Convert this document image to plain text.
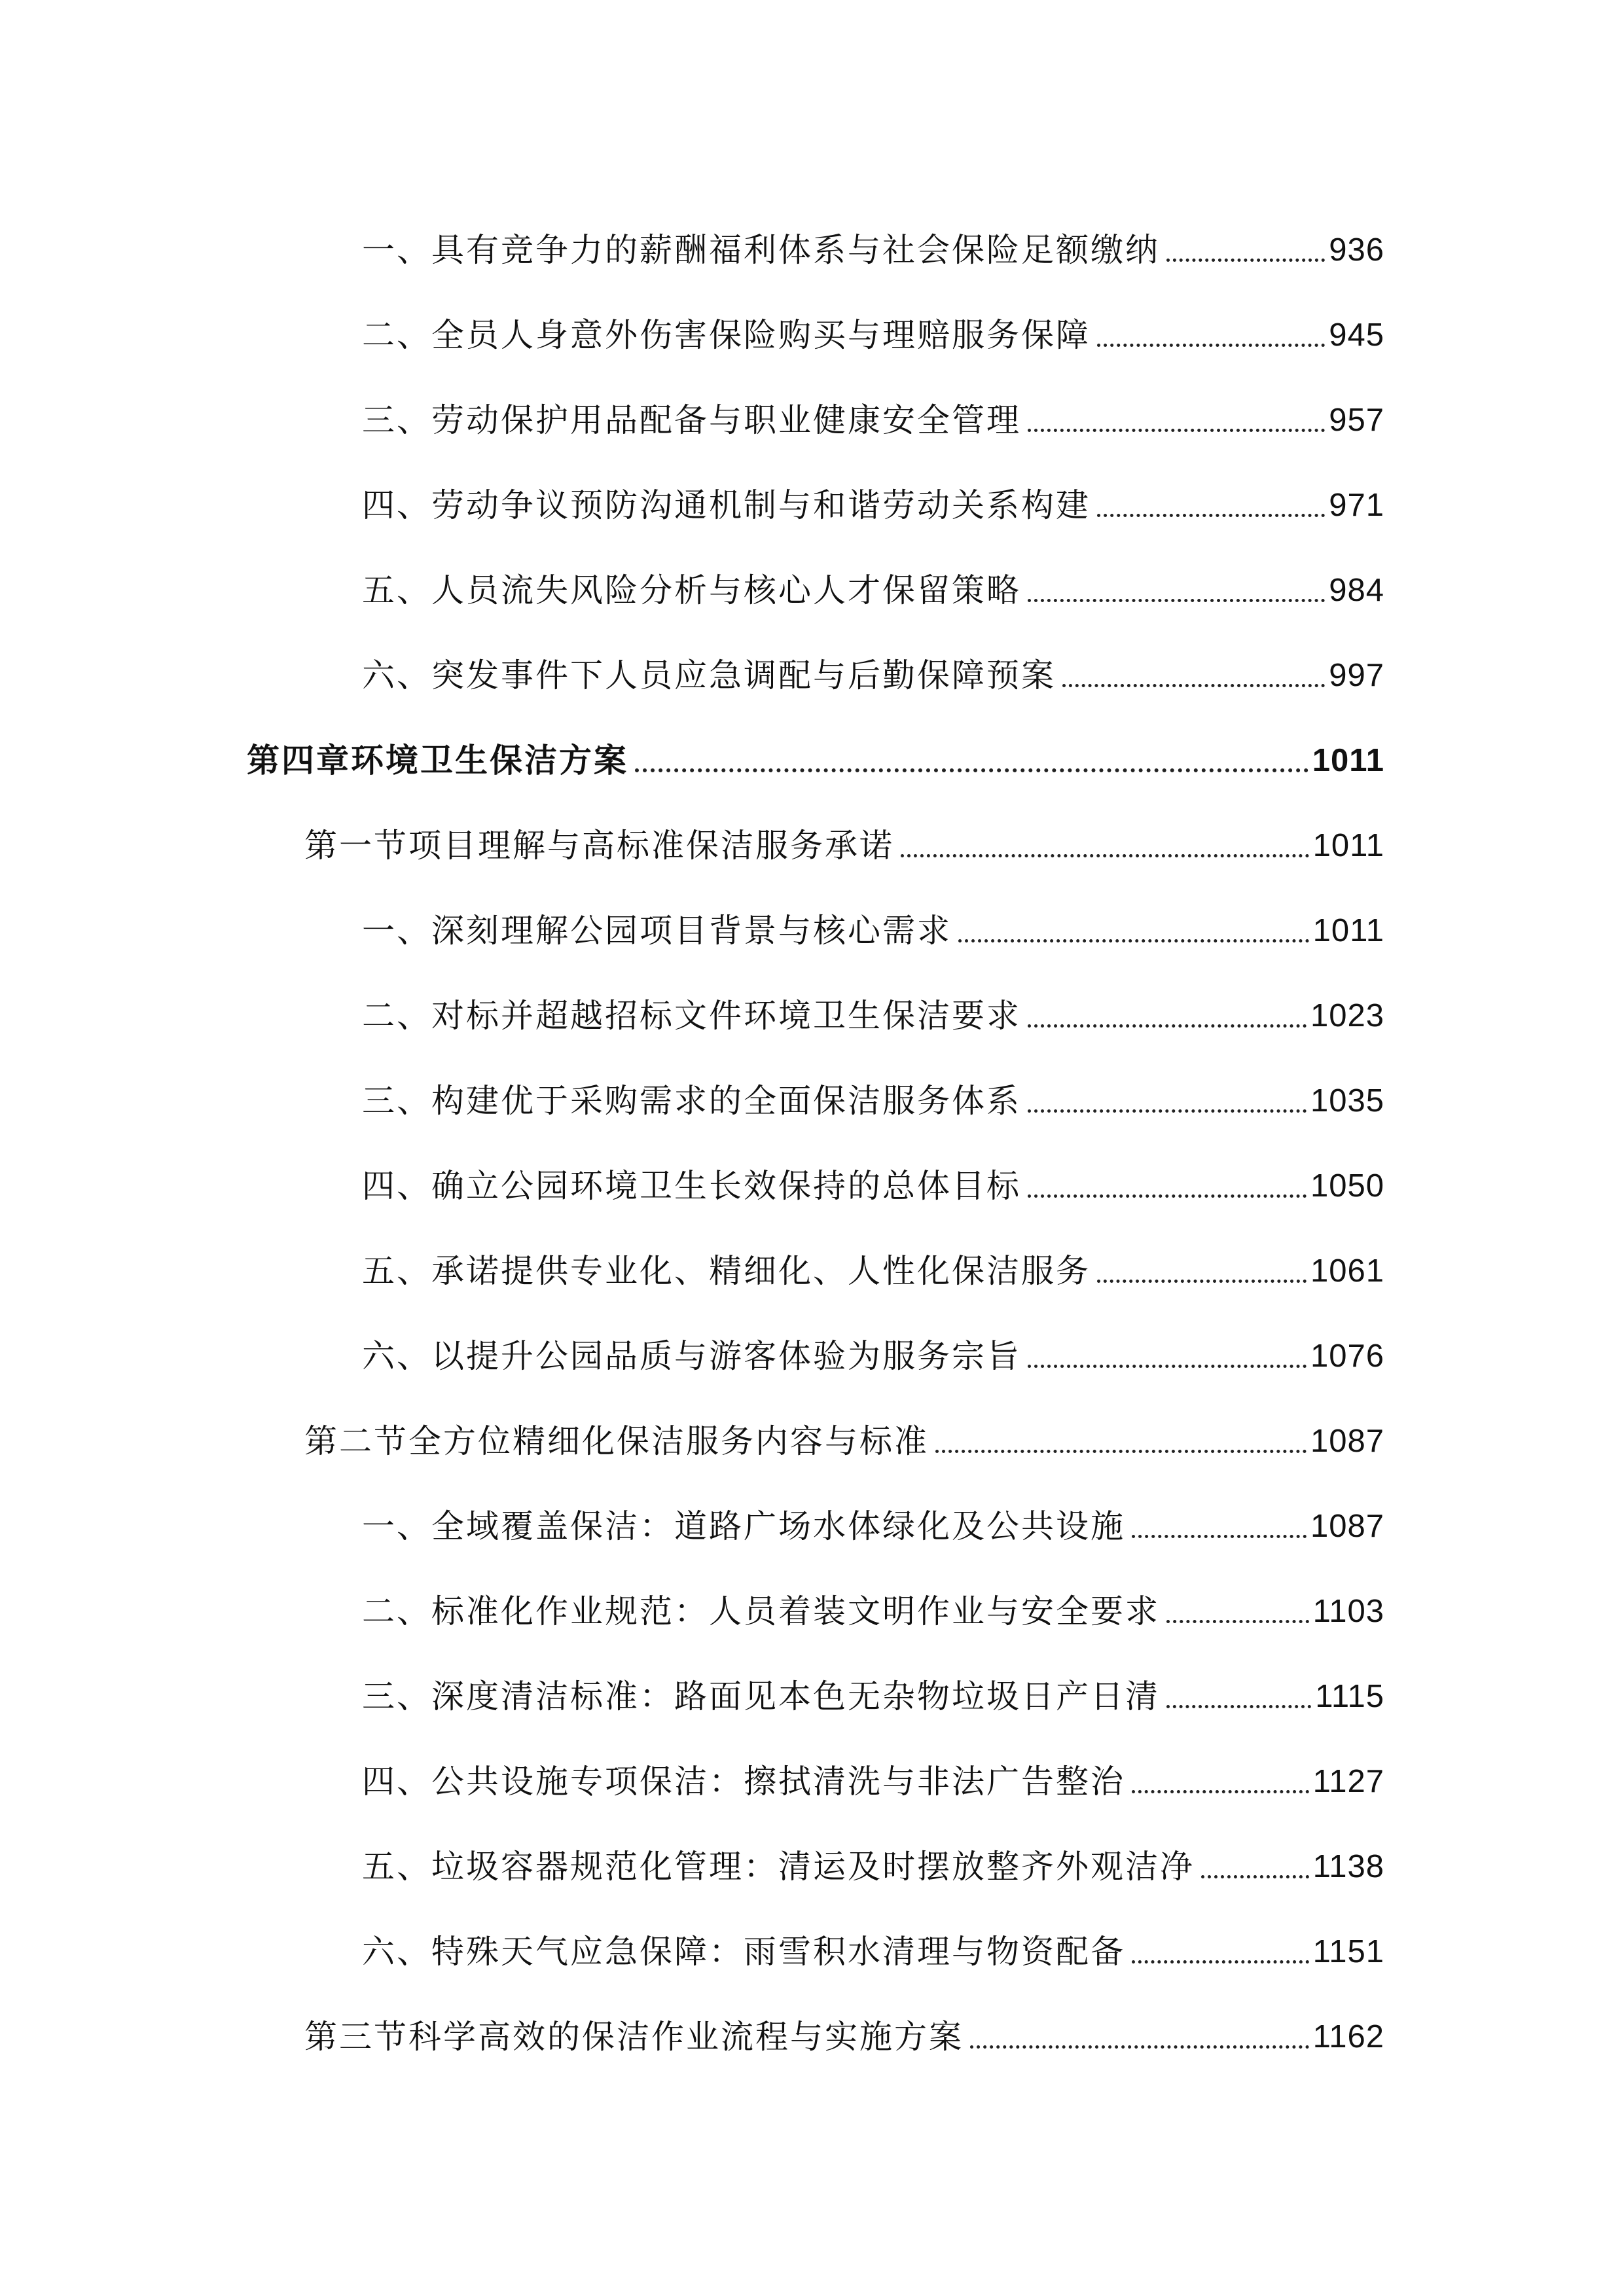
一、具有竞争力的薪酬福利体系与社会保险足额缴纳	936
二、全员人身意外伤害保险购买与理赔服务保障	945
三、劳动保护用品配备与职业健康安全管理	957
四、劳动争议预防沟通机制与和谐劳动关系构建	971
五、人员流失风险分析与核心人才保留策略	984
六、突发事件下人员应急调配与后勤保障预案	997
第四章环境卫生保洁方案	1011
第一节项目理解与高标准保洁服务承诺	1011
一、深刻理解公园项目背景与核心需求	1011
二、对标并超越招标文件环境卫生保洁要求	1023
三、构建优于采购需求的全面保洁服务体系	1035
四、确立公园环境卫生长效保持的总体目标	1050
五、承诺提供专业化、精细化、人性化保洁服务	1061
六、以提升公园品质与游客体验为服务宗旨	1076
第二节全方位精细化保洁服务内容与标准	1087
一、全域覆盖保洁：道路广场水体绿化及公共设施	1087
二、标准化作业规范：人员着装文明作业与安全要求	1103
三、深度清洁标准：路面见本色无杂物垃圾日产日清	1115
四、公共设施专项保洁：擦拭清洗与非法广告整治	1127
五、垃圾容器规范化管理：清运及时摆放整齐外观洁净	1138
六、特殊天气应急保障：雨雪积水清理与物资配备	1151
第三节科学高效的保洁作业流程与实施方案	1162
